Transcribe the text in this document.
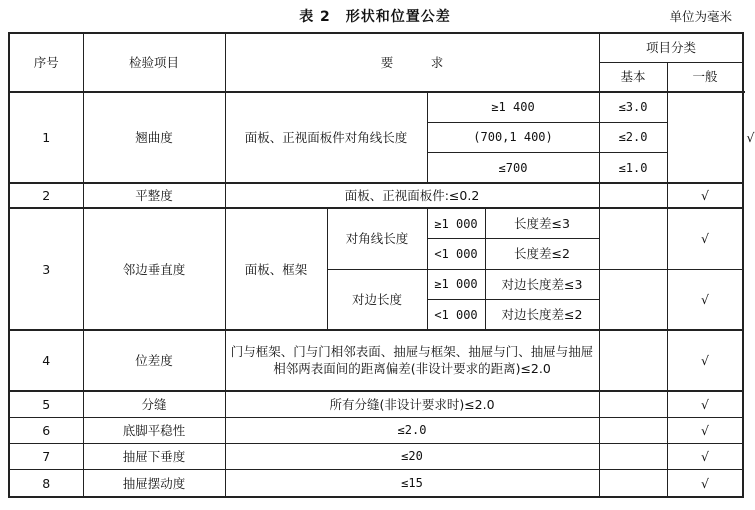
表 2　形状和位置公差	单位为毫米
序号	检验项目	要　　　求				项目分类		
						基本	一般	
1	翘曲度	面板、正视面板件对角线长度		≥1 400		≤3.0		√
				(700,1 400)		≤2.0		
				≤700		≤1.0		
2	平整度	面板、正视面板件:≤0.2					√	
3	邻边垂直度	面板、框架	对角线长度	≥1 000	长度差≤3		√	
				<1 000	长度差≤2			
			对边长度	≥1 000	对边长度差≤3		√	
				<1 000	对边长度差≤2			
4	位差度	门与框架、门与门相邻表面、抽屉与框架、抽屉与门、抽屉与抽屉相邻两表面间的距离偏差(非设计要求的距离)≤2.0					√	
5	分缝	所有分缝(非设计要求时)≤2.0					√	
6	底脚平稳性	≤2.0					√	
7	抽屉下垂度	≤20					√	
8	抽屉摆动度	≤15					√	
